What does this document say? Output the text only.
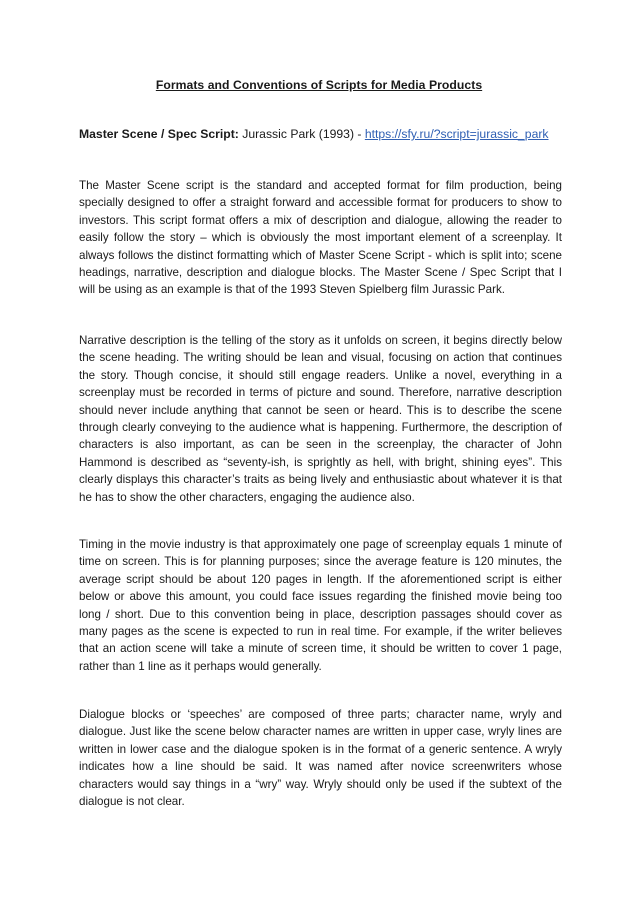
Formats and Conventions of Scripts for Media Products
Master Scene / Spec Script: Jurassic Park (1993) - https://sfy.ru/?script=jurassic_park

The Master Scene script is the standard and accepted format for film production, being specially designed to offer a straight forward and accessible format for producers to show to investors. This script format offers a mix of description and dialogue, allowing the reader to easily follow the story – which is obviously the most important element of a screenplay. It always follows the distinct formatting which of Master Scene Script - which is split into; scene headings, narrative, description and dialogue blocks. The Master Scene / Spec Script that I will be using as an example is that of the 1993 Steven Spielberg film Jurassic Park.

Narrative description is the telling of the story as it unfolds on screen, it begins directly below the scene heading. The writing should be lean and visual, focusing on action that continues the story. Though concise, it should still engage readers. Unlike a novel, everything in a screenplay must be recorded in terms of picture and sound. Therefore, narrative description should never include anything that cannot be seen or heard. This is to describe the scene through clearly conveying to the audience what is happening. Furthermore, the description of characters is also important, as can be seen in the screenplay, the character of John Hammond is described as “seventy-ish, is sprightly as hell, with bright, shining eyes”. This clearly displays this character’s traits as being lively and enthusiastic about whatever it is that he has to show the other characters, engaging the audience also.

Timing in the movie industry is that approximately one page of screenplay equals 1 minute of time on screen. This is for planning purposes; since the average feature is 120 minutes, the average script should be about 120 pages in length. If the aforementioned script is either below or above this amount, you could face issues regarding the finished movie being too long / short. Due to this convention being in place, description passages should cover as many pages as the scene is expected to run in real time. For example, if the writer believes that an action scene will take a minute of screen time, it should be written to cover 1 page, rather than 1 line as it perhaps would generally.

Dialogue blocks or ‘speeches’ are composed of three parts; character name, wryly and dialogue. Just like the scene below character names are written in upper case, wryly lines are written in lower case and the dialogue spoken is in the format of a generic sentence. A wryly indicates how a line should be said. It was named after novice screenwriters whose characters would say things in a “wry” way. Wryly should only be used if the subtext of the dialogue is not clear.
